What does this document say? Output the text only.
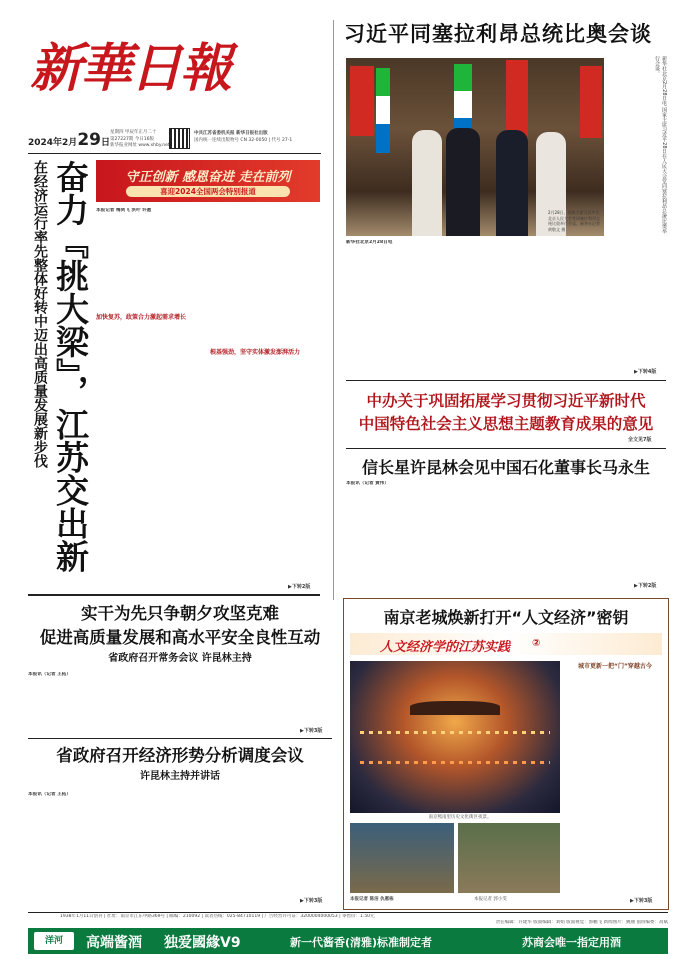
新華日報
2024年2月29日
星期四 甲辰年正月二十
第27227期 今日16版
新华报业网址 www.xhby.net
中共江苏省委机关报 新华日报社出版
国内统一连续出版物号 CN 32-0050 | 代号 27-1
习近平同塞拉利昂总统比奥会谈
新华社北京2月28日电 国家主席习近平28日在人民大会堂同塞拉利昂总统比奥举行会谈。
2月28日，国家主席习近平在北京人民大会堂同塞拉利昂总统比奥举行会谈。新华社记者 黄敬文 摄
新华社北京2月28日电
▶下转4版
中办关于巩固拓展学习贯彻习近平新时代
中国特色社会主义思想主题教育成果的意见
全文见7版
信长星许昆林会见中国石化董事长马永生
本报讯（记者 黄伟）
▶下转2版
在经济运行率先整体好转中迈出高质量发展新步伐 奋力『挑大梁』，江苏交出新
守正创新 感恩奋进 走在前列
喜迎2024全国两会特别报道
本报记者 梅剑飞 洪叶 许愿
加快复苏，政策合力激起需求增长
根基强劲，坚守实体激发澎湃活力
▶下转2版
实干为先只争朝夕攻坚克难
促进高质量发展和高水平安全良性互动
省政府召开常务会议 许昆林主持
本报讯（记者 王拓）
▶下转3版
省政府召开经济形势分析调度会议
许昆林主持并讲话
本报讯（记者 王拓）
▶下转3版
南京老城焕新打开“人文经济”密钥
人文经济学的江苏实践 ②
南京熙南里历史文化街区夜景。
本报记者 陈洁 仇惠栋	本报记者 郭小雯
城市更新一把“门”穿越古今
▶下转3版
1938年1月11日创刊 | 社址：南京市江东中路369号 | 邮编：210092 | 读者热线：025-84710119 | 广告经营许可证：3200004000053 | 零售价：1.50元
责任编辑：许建华 版面编辑：刘娟 版面视觉：郭鹏飞 新闻图片：姚丽 值班编委：高斌
洋河	高端酱酒 独爱國緣V9	新一代酱香(清雅)标准制定者	苏商会唯一指定用酒
